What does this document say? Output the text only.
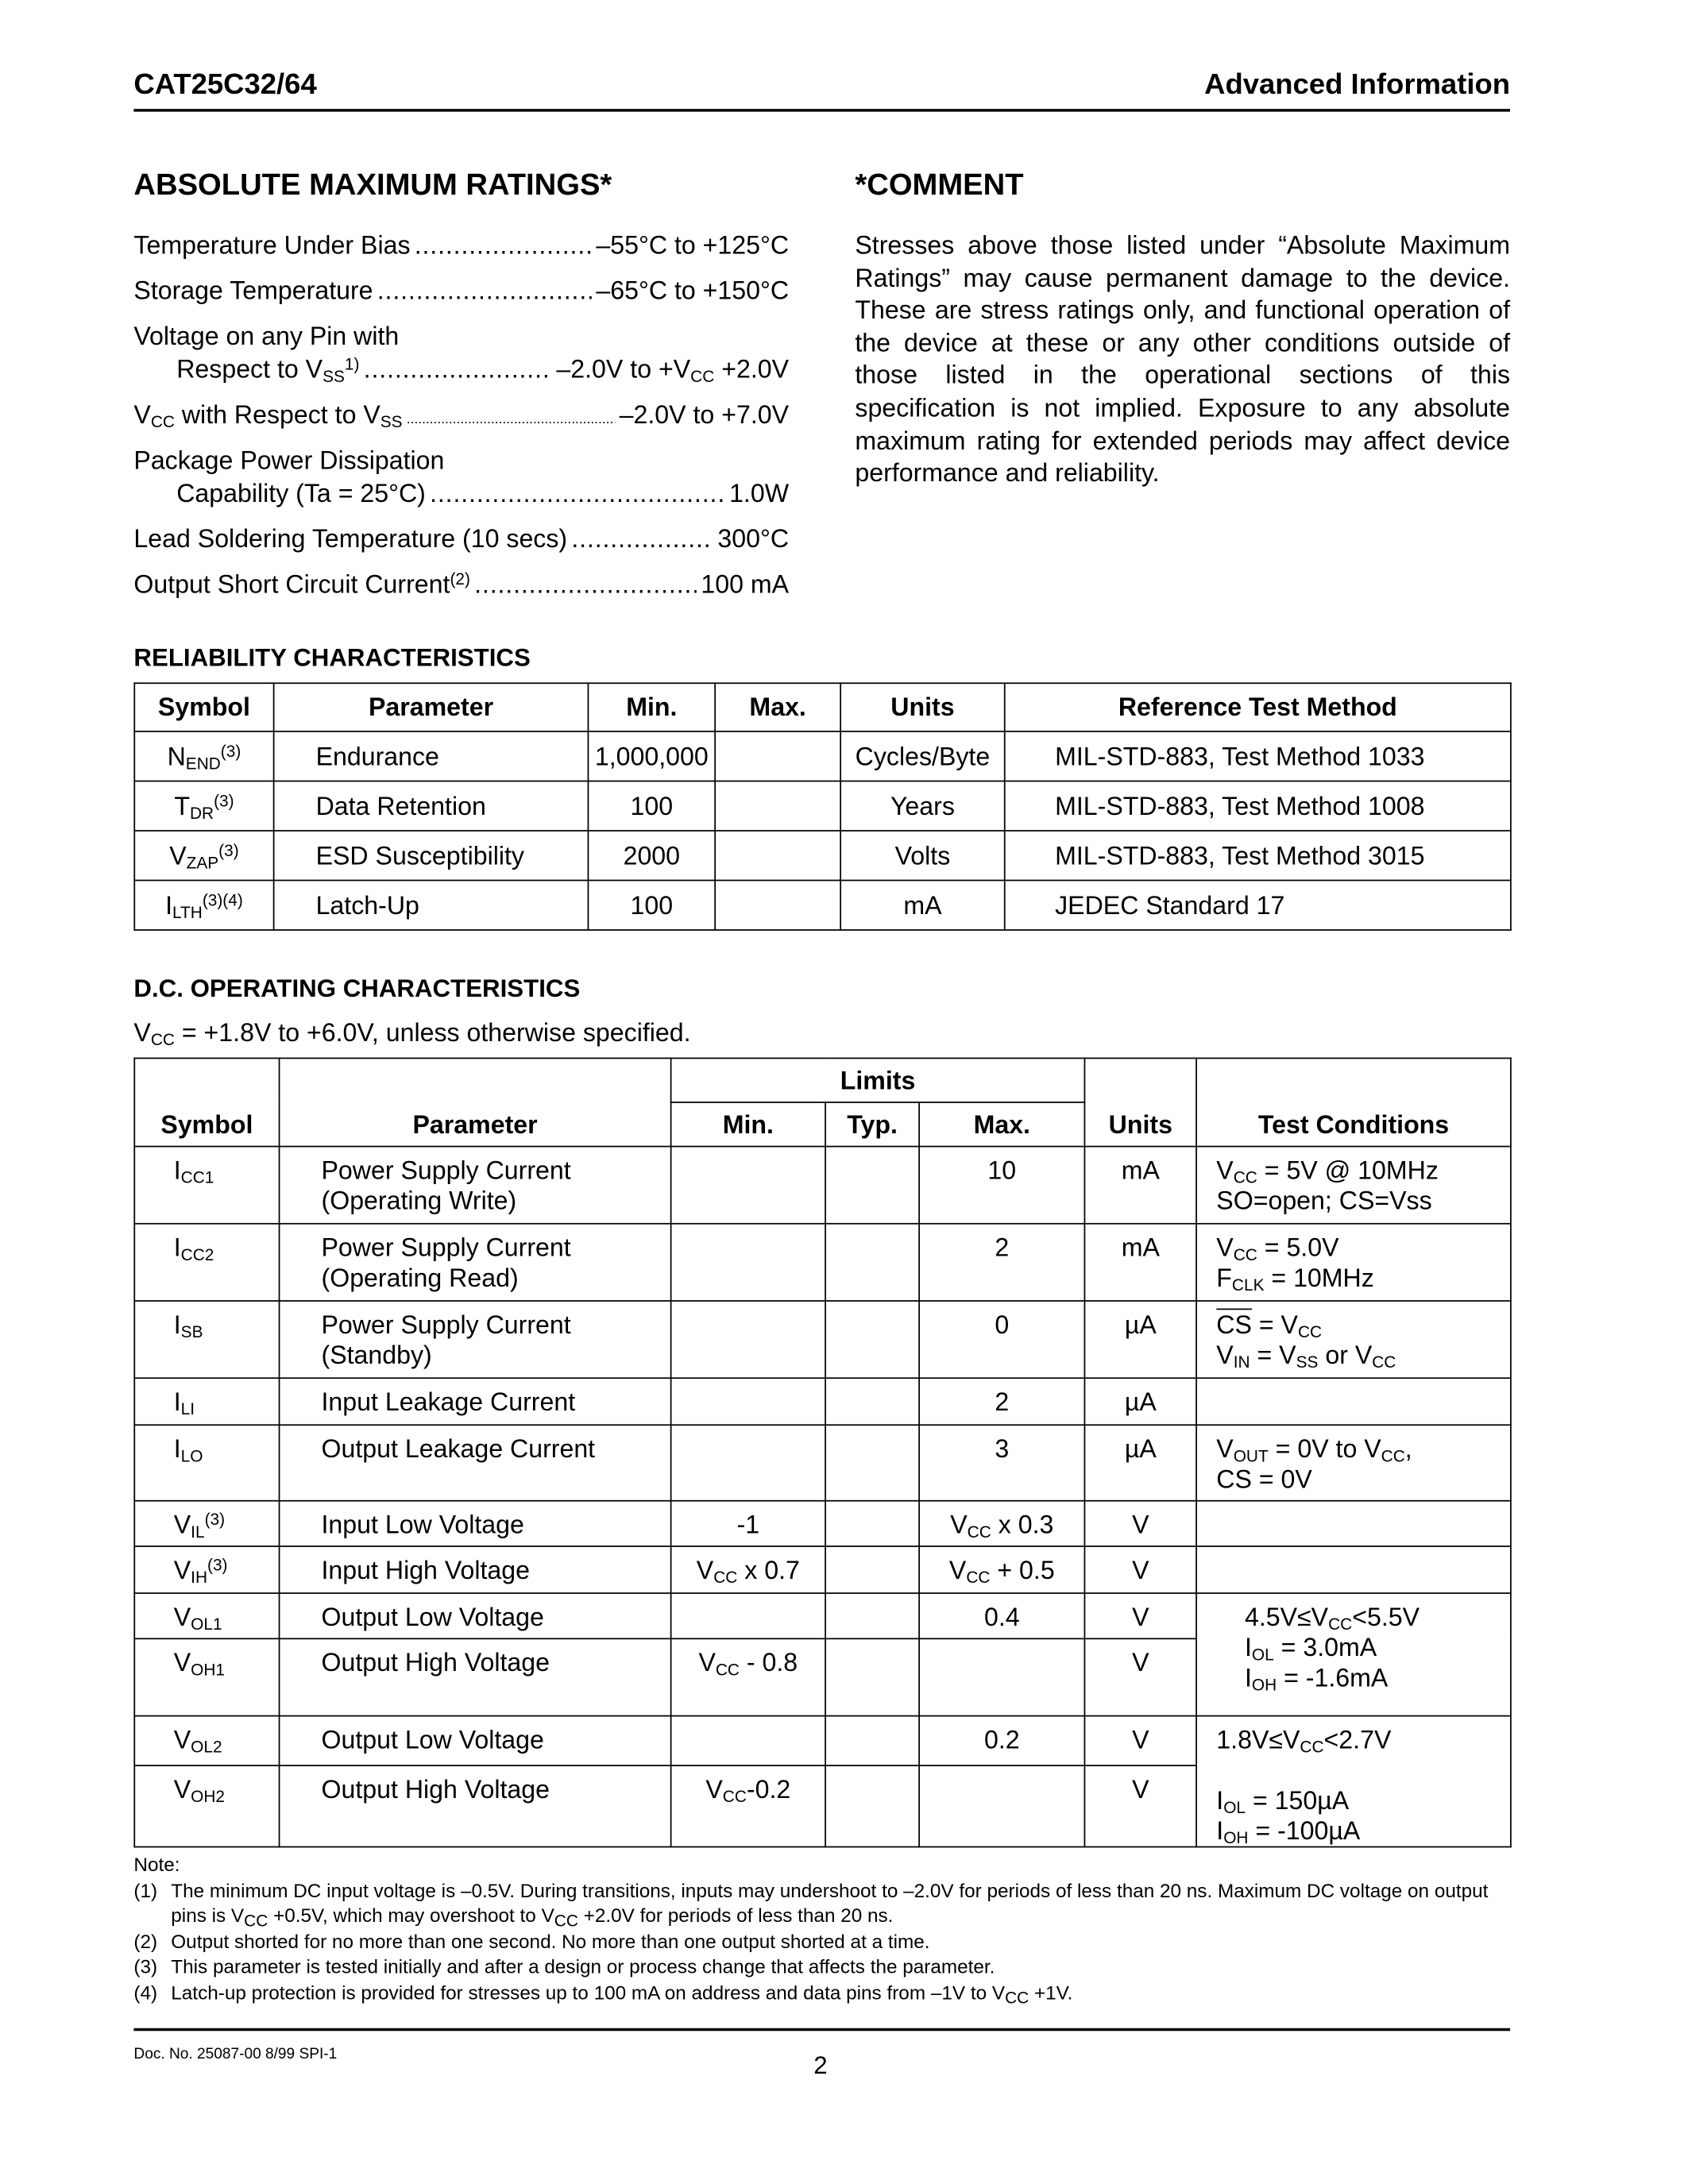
CAT25C32/64	Advanced Information
ABSOLUTE MAXIMUM RATINGS*	*COMMENT
Temperature Under Bias .....	–55°C to +125°C
Storage Temperature .....	–65°C to +150°C
Voltage on any Pin with
Respect to $V_{SS}^{1)}$ .....	–2.0V to $+V_{CC} +2.0V$
$V_{CC}$ with Respect to $V_{SS}$ .....	–2.0V to +7.0V
Package Power Dissipation
Capability (Ta = 25°C) .....	1.0W
Lead Soldering Temperature (10 secs) .....	300°C
Output Short Circuit Current$^{(2)}$ .....	100 mA
Stresses above those listed under “Absolute Maximum Ratings” may cause permanent damage to the device. These are stress ratings only, and functional operation of the device at these or any other conditions outside of those listed in the operational sections of this specification is not implied. Exposure to any absolute maximum rating for extended periods may affect device performance and reliability.
RELIABILITY CHARACTERISTICS
Symbol	Parameter	Min.	Max.	Units	Reference Test Method
$N_{END}^{(3)}$	Endurance	1,000,000		Cycles/Byte	MIL-STD-883, Test Method 1033
$T_{DR}^{(3)}$	Data Retention	100		Years	MIL-STD-883, Test Method 1008
$V_{ZAP}^{(3)}$	ESD Susceptibility	2000		Volts	MIL-STD-883, Test Method 3015
$I_{LTH}^{(3)(4)}$	Latch-Up	100		mA	JEDEC Standard 17
D.C. OPERATING CHARACTERISTICS
$V_{CC} = +1.8V$ to +6.0V, unless otherwise specified.
Symbol	Parameter	Limits			Units	Test Conditions
		Min.	Typ.	Max.		
$I_{CC1}$	Power Supply Current
(Operating Write)			10	mA	$V_{CC} = 5V$ @ 10MHz
SO=open; CS=Vss
$I_{CC2}$	Power Supply Current
(Operating Read)			2	mA	$V_{CC} = 5.0V$
$F_{CLK} = 10MHz$
$I_{SB}$	Power Supply Current
(Standby)			0	µA	$\overline{CS} = V_{CC}$
$V_{IN} = V_{SS}$ or $V_{CC}$
$I_{LI}$	Input Leakage Current			2	µA	
$I_{LO}$	Output Leakage Current			3	µA	$V_{OUT} = 0V$ to $V_{CC}$,
CS = 0V
$V_{IL}^{(3)}$	Input Low Voltage	-1		$V_{CC}$ x 0.3	V	
$V_{IH}^{(3)}$	Input High Voltage	$V_{CC}$ x 0.7		$V_{CC} + 0.5$	V	
$V_{OL1}$	Output Low Voltage			0.4	V	$4.5V\le V_{CC}<5.5V$
$I_{OL} = 3.0mA$
$I_{OH} = -1.6mA$
$V_{OH1}$	Output High Voltage	$V_{CC} - 0.8$			V	
$V_{OL2}$	Output Low Voltage			0.2	V	$1.8V\le V_{CC}<2.7V$

$I_{OL} = 150\mu A$
$I_{OH} = -100\mu A$
$V_{OH2}$	Output High Voltage	$V_{CC}-0.2$			V	
Note:
(1)	The minimum DC input voltage is –0.5V. During transitions, inputs may undershoot to –2.0V for periods of less than 20 ns. Maximum DC voltage on output pins is $V_{CC} +0.5V$, which may overshoot to $V_{CC} +2.0V$ for periods of less than 20 ns.
(2)	Output shorted for no more than one second. No more than one output shorted at a time.
(3)	This parameter is tested initially and after a design or process change that affects the parameter.
(4)	Latch-up protection is provided for stresses up to 100 mA on address and data pins from –1V to $V_{CC} +1V$.
Doc. No. 25087-00 8/99 SPI-1	2
